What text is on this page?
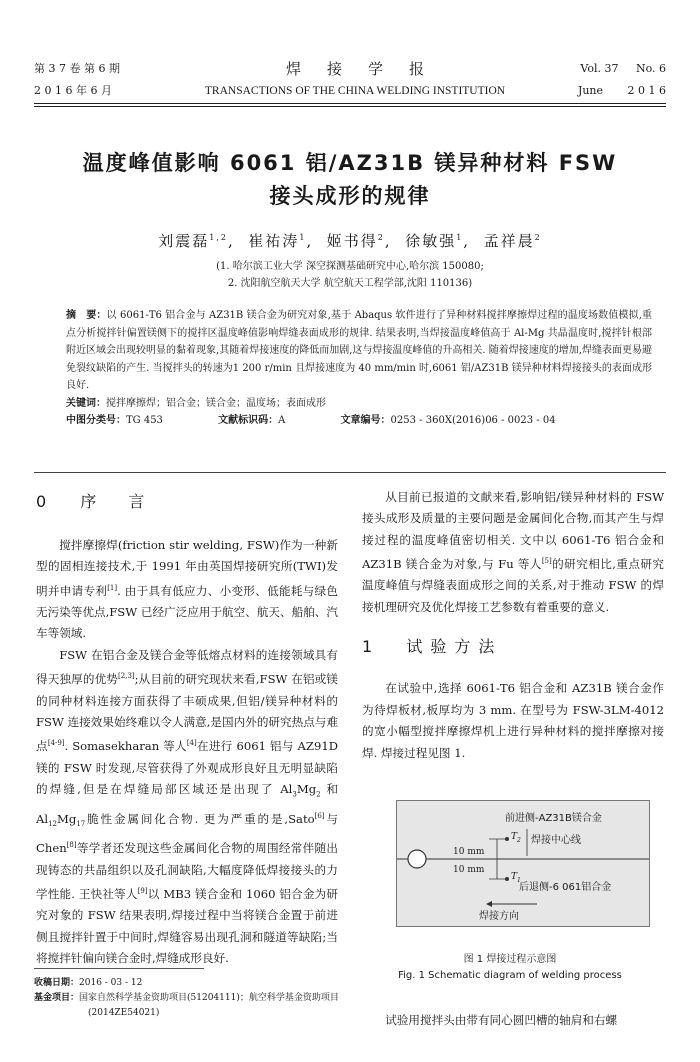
第 3 7 卷 第 6 期
2 0 1 6 年 6 月
焊接学报
TRANSACTIONS OF THE CHINA WELDING INSTITUTION
Vol. 37     No. 6
June       2 0 1 6
温度峰值影响 6061 铝/AZ31B 镁异种材料 FSW
接头成形的规律
刘震磊$^{1,2}$,  崔祐涛$^1$,  姬书得$^2$,  徐敏强$^1$,  孟祥晨$^2$
(1. 哈尔滨工业大学 深空探测基础研究中心,哈尔滨 150080;
2. 沈阳航空航天大学 航空航天工程学部,沈阳 110136)
摘　要：以 6061-T6 铝合金与 AZ31B 镁合金为研究对象,基于 Abaqus 软件进行了异种材料搅拌摩擦焊过程的温度场数值模拟,重点分析搅拌针偏置镁侧下的搅拌区温度峰值影响焊缝表面成形的规律. 结果表明,当焊接温度峰值高于 Al-Mg 共晶温度时,搅拌针根部附近区域会出现较明显的黏着现象,其随着焊接速度的降低而加剧,这与焊接温度峰值的升高相关. 随着焊接速度的增加,焊缝表面更易避免裂纹缺陷的产生. 当搅拌头的转速为1 200 r/min 且焊接速度为 40 mm/min 时,6061 铝/AZ31B 镁异种材料焊接接头的表面成形良好.
关键词：搅拌摩擦焊；铝合金；镁合金；温度场；表面成形
中图分类号：TG 453	文献标识码：A	文章编号：0253 - 360X(2016)06 - 0023 - 04
0 序　言

搅拌摩擦焊(friction stir welding, FSW)作为一种新型的固相连接技术,于 1991 年由英国焊接研究所(TWI)发明并申请专利[1]. 由于具有低应力、小变形、低能耗与绿色无污染等优点,FSW 已经广泛应用于航空、航天、船舶、汽车等领域.

FSW 在铝合金及镁合金等低熔点材料的连接领域具有得天独厚的优势[2,3];从目前的研究现状来看,FSW 在铝或镁的同种材料连接方面获得了丰硕成果,但铝/镁异种材料的 FSW 连接效果始终难以令人满意,是国内外的研究热点与难点[4-9]. Somasekharan 等人[4]在进行 6061 铝与 AZ91D 镁的 FSW 时发现,尽管获得了外观成形良好且无明显缺陷的焊缝,但是在焊缝局部区域还是出现了 $Al_3Mg_2$ 和 $Al_{12}Mg_{17}$脆性金属间化合物. 更为严重的是,Sato[6]与 Chen[8]等学者还发现这些金属间化合物的周围经常伴随出现铸态的共晶组织以及孔洞缺陷,大幅度降低焊接接头的力学性能. 王快社等人[9]以 MB3 镁合金和 1060 铝合金为研究对象的 FSW 结果表明,焊接过程中当将镁合金置于前进侧且搅拌针置于中间时,焊缝容易出现孔洞和隧道等缺陷;当将搅拌针偏向镁合金时,焊缝成形良好.

从目前已报道的文献来看,影响铝/镁异种材料的 FSW 接头成形及质量的主要问题是金属间化合物,而其产生与焊接过程的温度峰值密切相关. 文中以 6061-T6 铝合金和 AZ31B 镁合金为对象,与 Fu 等人[5]的研究相比,重点研究温度峰值与焊缝表面成形之间的关系,对于推动 FSW 的焊接机理研究及优化焊接工艺参数有着重要的意义.

1 试验方法

在试验中,选择 6061-T6 铝合金和 AZ31B 镁合金作为待焊板材,板厚均为 3 mm. 在型号为 FSW-3LM-4012 的宽小幅型搅拌摩擦焊机上进行异种材料的搅拌摩擦对接焊. 焊接过程见图 1.

前进侧-AZ31B镁合金
焊接中心线
10 mm
10 mm
$T_2$
$T_1$
后退侧-6 061铝合金
焊接方向
图 1 焊接过程示意图
Fig. 1 Schematic diagram of welding process

试验用搅拌头由带有同心圆凹槽的轴肩和右螺

收稿日期：2016 - 03 - 12
基金项目：国家自然科学基金资助项目(51204111)；航空科学基金资助项目(2014ZE54021)
